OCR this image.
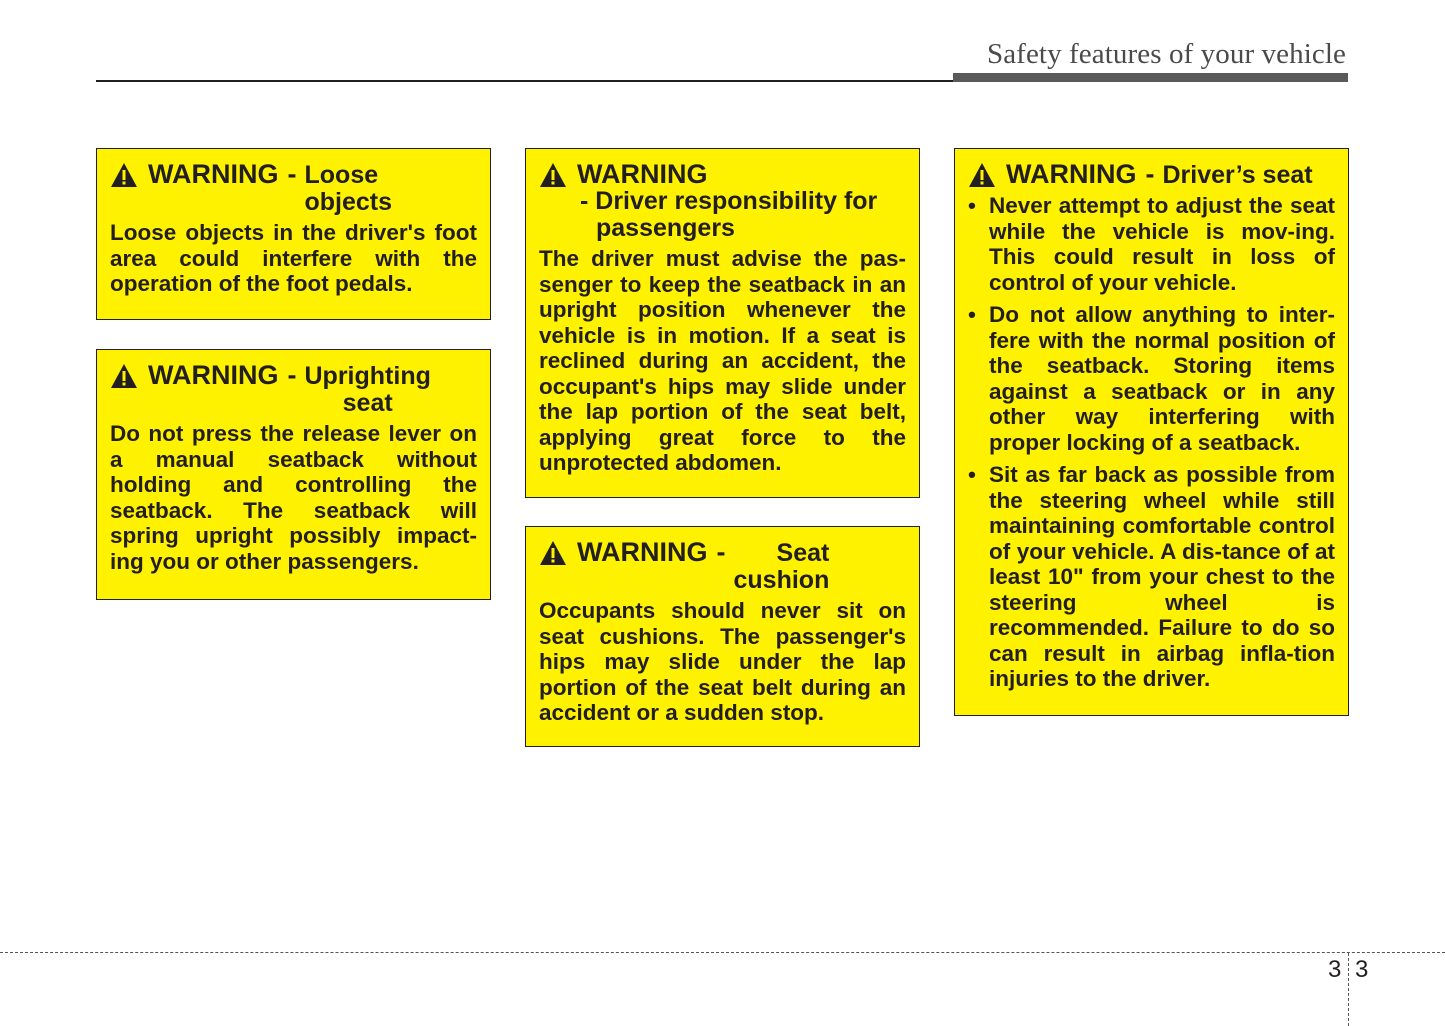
Safety features of your vehicle
WARNING - Loose
objects

Loose objects in the driver's foot area could interfere with the operation of the foot pedals.

WARNING - Uprighting
seat

Do not press the release lever on a manual seatback without holding and controlling the seatback. The seatback will spring upright possibly impact-ing you or other passengers.

WARNING
- Driver responsibility for
passengers

The driver must advise the pas-senger to keep the seatback in an upright position whenever the vehicle is in motion. If a seat is reclined during an accident, the occupant's hips may slide under the lap portion of the seat belt, applying great force to the unprotected abdomen.

WARNING -	Seat
cushion

Occupants should never sit on seat cushions. The passenger's hips may slide under the lap portion of the seat belt during an accident or a sudden stop.

WARNING - Driver’s seat
• Never attempt to adjust the seat while the vehicle is mov-ing. This could result in loss of control of your vehicle.
• Do not allow anything to inter-fere with the normal position of the seatback. Storing items against a seatback or in any other way interfering with proper locking of a seatback.
• Sit as far back as possible from the steering wheel while still maintaining comfortable control of your vehicle. A dis-tance of at least 10" from your chest to the steering wheel is recommended. Failure to do so can result in airbag infla-tion injuries to the driver.
3 3
